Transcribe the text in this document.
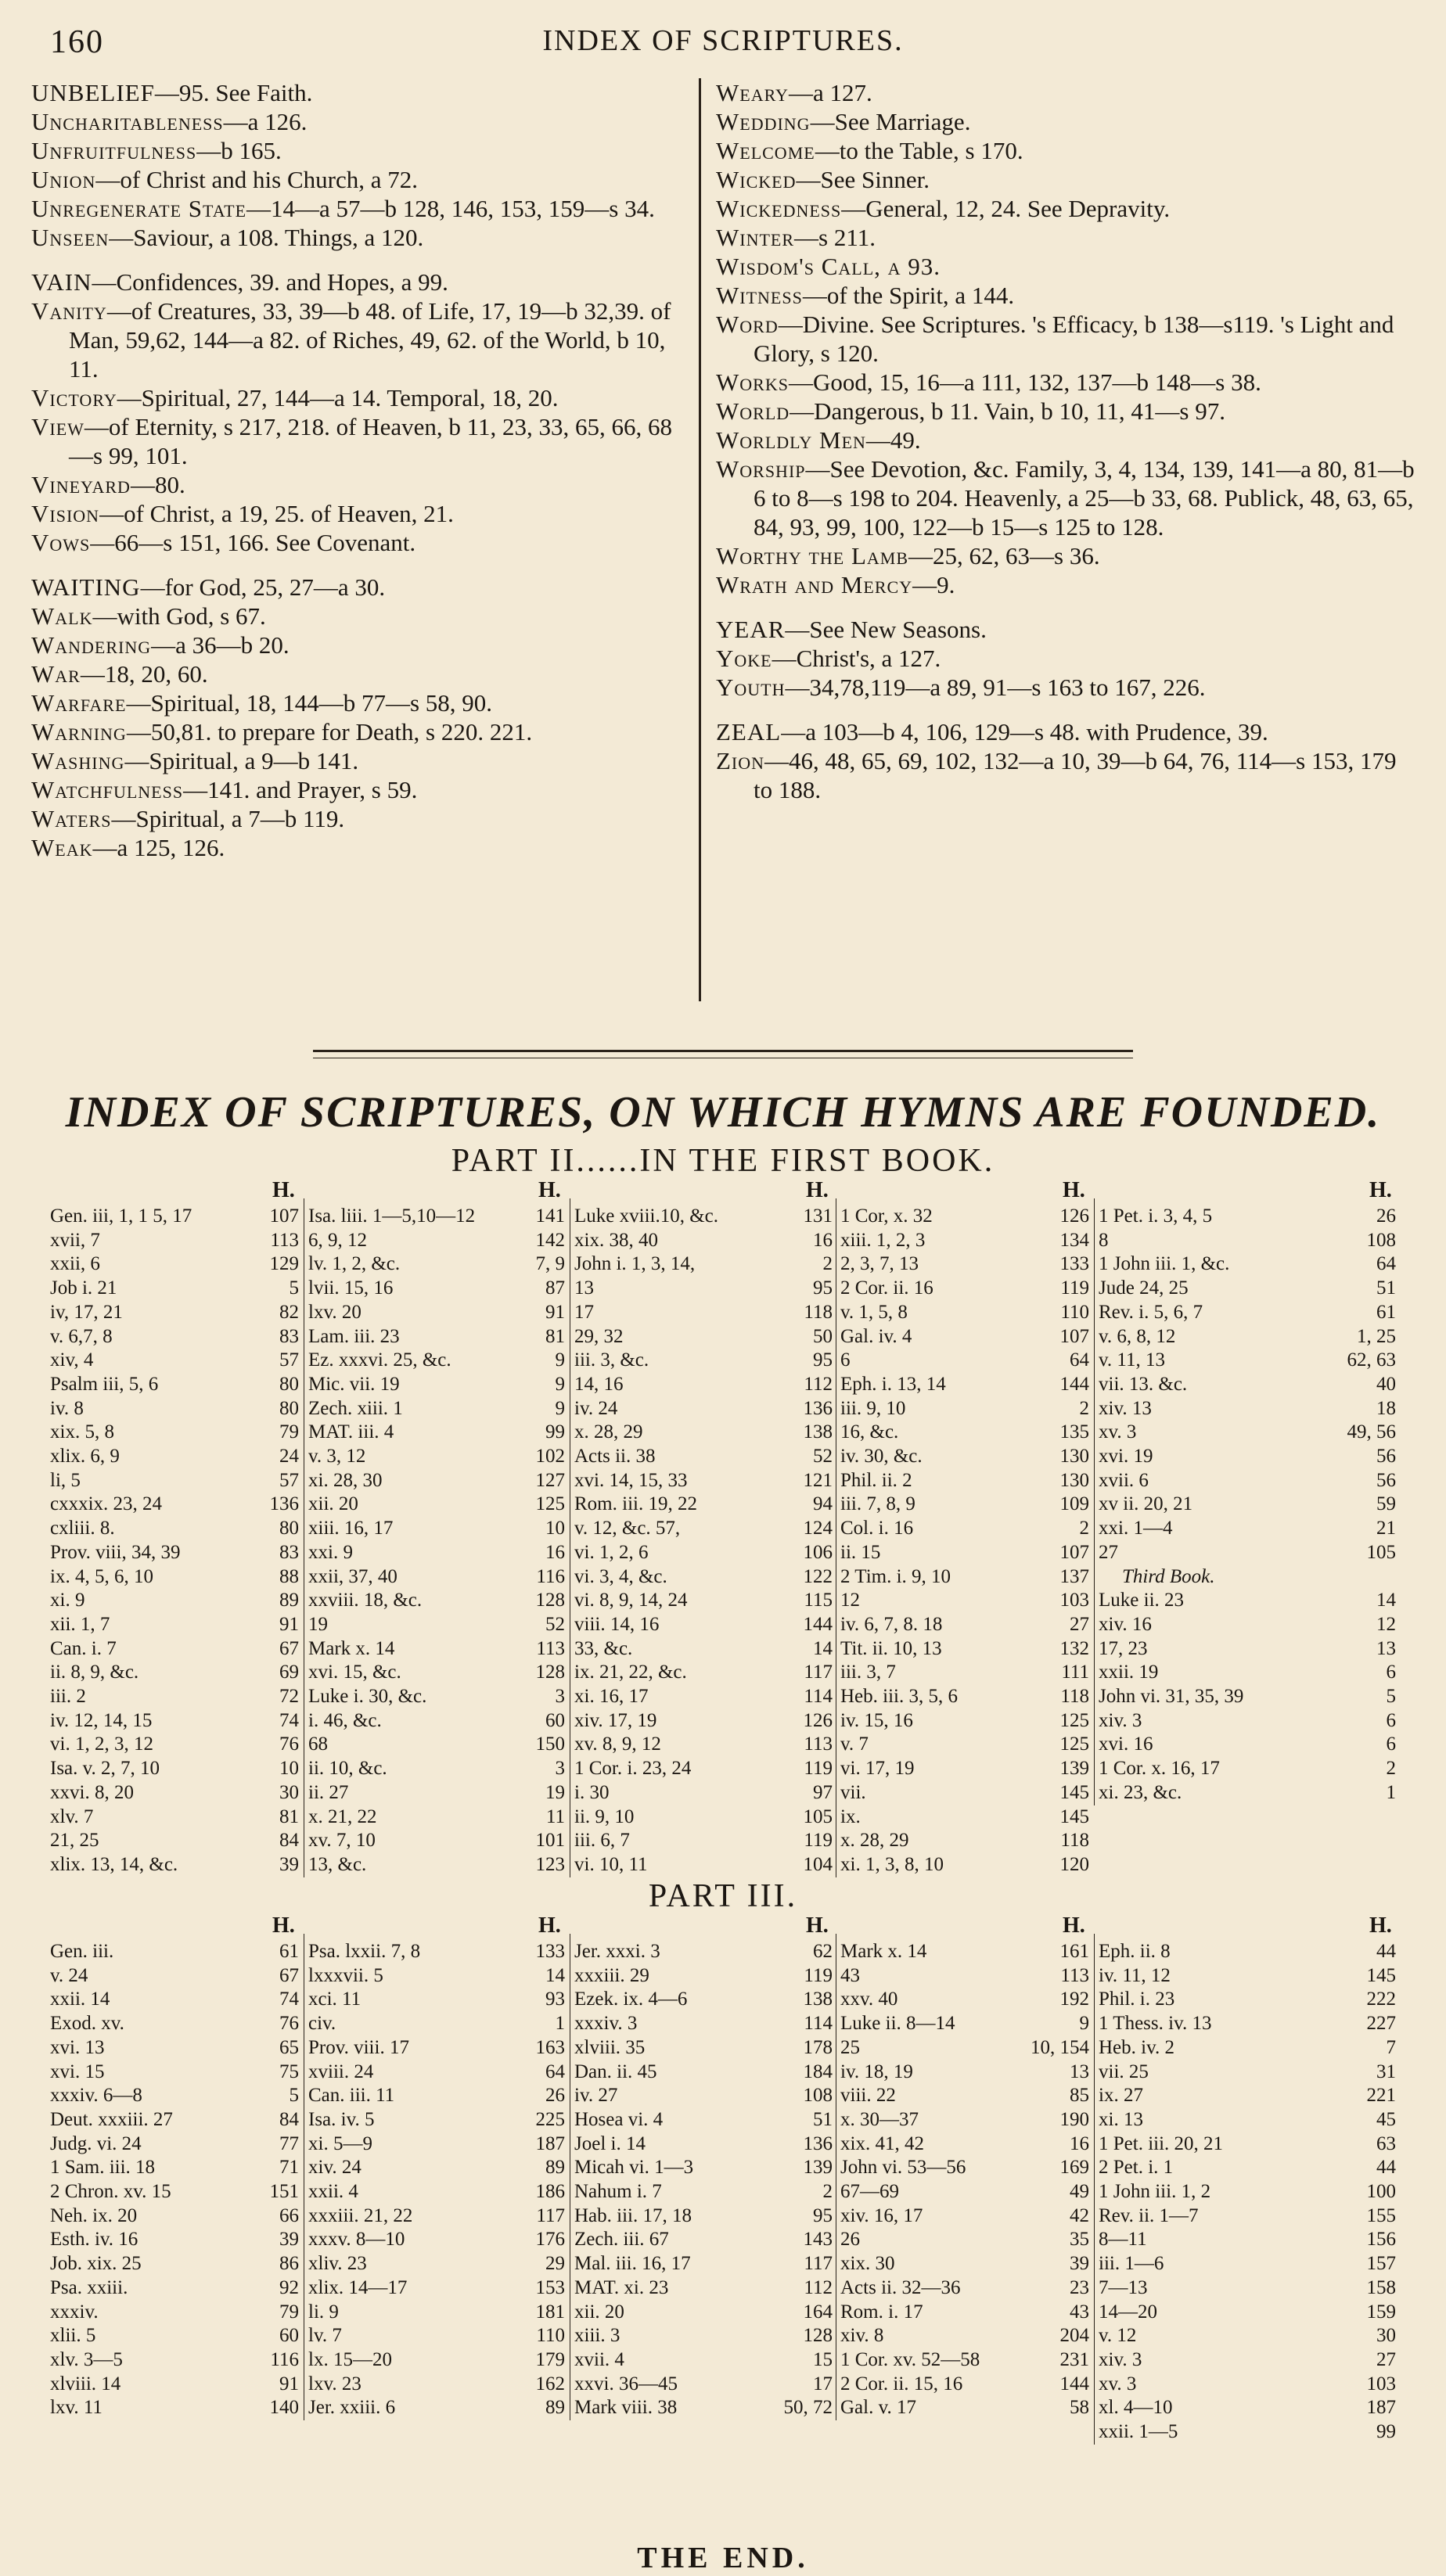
160	INDEX OF SCRIPTURES.
UNBELIEF—95. See Faith.
Uncharitableness—a 126.
Unfruitfulness—b 165.
Union—of Christ and his Church, a 72.
Unregenerate State—14—a 57—b 128, 146, 153, 159—s 34.
Unseen—Saviour, a 108. Things, a 120.
VAIN—Confidences, 39. and Hopes, a 99.
Vanity—of Creatures, 33, 39—b 48. of Life, 17, 19—b 32,39. of Man, 59,62, 144—a 82. of Riches, 49, 62. of the World, b 10, 11.
Victory—Spiritual, 27, 144—a 14. Temporal, 18, 20.
View—of Eternity, s 217, 218. of Heaven, b 11, 23, 33, 65, 66, 68—s 99, 101.
Vineyard—80.
Vision—of Christ, a 19, 25. of Heaven, 21.
Vows—66—s 151, 166. See Covenant.
WAITING—for God, 25, 27—a 30.
Walk—with God, s 67.
Wandering—a 36—b 20.
War—18, 20, 60.
Warfare—Spiritual, 18, 144—b 77—s 58, 90.
Warning—50,81. to prepare for Death, s 220. 221.
Washing—Spiritual, a 9—b 141.
Watchfulness—141. and Prayer, s 59.
Waters—Spiritual, a 7—b 119.
Weak—a 125, 126.
Weary—a 127.
Wedding—See Marriage.
Welcome—to the Table, s 170.
Wicked—See Sinner.
Wickedness—General, 12, 24. See Depravity.
Winter—s 211.
Wisdom's Call, a 93.
Witness—of the Spirit, a 144.
Word—Divine. See Scriptures. 's Efficacy, b 138—s119. 's Light and Glory, s 120.
Works—Good, 15, 16—a 111, 132, 137—b 148—s 38.
World—Dangerous, b 11. Vain, b 10, 11, 41—s 97.
Worldly Men—49.
Worship—See Devotion, &c. Family, 3, 4, 134, 139, 141—a 80, 81—b 6 to 8—s 198 to 204. Heavenly, a 25—b 33, 68. Publick, 48, 63, 65, 84, 93, 99, 100, 122—b 15—s 125 to 128.
Worthy the Lamb—25, 62, 63—s 36.
Wrath and Mercy—9.
YEAR—See New Seasons.
Yoke—Christ's, a 127.
Youth—34,78,119—a 89, 91—s 163 to 167, 226.
ZEAL—a 103—b 4, 106, 129—s 48. with Prudence, 39.
Zion—46, 48, 65, 69, 102, 132—a 10, 39—b 64, 76, 114—s 153, 179 to 188.
INDEX OF SCRIPTURES, ON WHICH HYMNS ARE FOUNDED.
PART II......IN THE FIRST BOOK.
H.
Gen. iii, 1, 1 5, 17	107
xvii, 7	113
xxii, 6	129
Job i. 21	5
iv, 17, 21	82
v. 6,7, 8	83
xiv, 4	57
Psalm iii, 5, 6	80
iv. 8	80
xix. 5, 8	79
xlix. 6, 9	24
li, 5	57
cxxxix. 23, 24	136
cxliii. 8.	80
Prov. viii, 34, 39	83
ix. 4, 5, 6, 10	88
xi. 9	89
xii. 1, 7	91
Can. i. 7	67
ii. 8, 9, &c.	69
iii. 2	72
iv. 12, 14, 15	74
vi. 1, 2, 3, 12	76
Isa. v. 2, 7, 10	10
xxvi. 8, 20	30
xlv. 7	81
21, 25	84
xlix. 13, 14, &c.	39
H.
Isa. liii. 1—5,10—12	141
6, 9, 12	142
lv. 1, 2, &c.	7, 9
lvii. 15, 16	87
lxv. 20	91
Lam. iii. 23	81
Ez. xxxvi. 25, &c.	9
Mic. vii. 19	9
Zech. xiii. 1	9
MAT. iii. 4	99
v. 3, 12	102
xi. 28, 30	127
xii. 20	125
xiii. 16, 17	10
xxi. 9	16
xxii, 37, 40	116
xxviii. 18, &c.	128
19	52
Mark x. 14	113
xvi. 15, &c.	128
Luke i. 30, &c.	3
i. 46, &c.	60
68	150
ii. 10, &c.	3
ii. 27	19
x. 21, 22	11
xv. 7, 10	101
13, &c.	123
H.
Luke xviii.10, &c.	131
xix. 38, 40	16
John i. 1, 3, 14,	2
13	95
17	118
29, 32	50
iii. 3, &c.	95
14, 16	112
iv. 24	136
x. 28, 29	138
Acts ii. 38	52
xvi. 14, 15, 33	121
Rom. iii. 19, 22	94
v. 12, &c. 57,	124
vi. 1, 2, 6	106
vi. 3, 4, &c.	122
vi. 8, 9, 14, 24	115
viii. 14, 16	144
33, &c.	14
ix. 21, 22, &c.	117
xi. 16, 17	114
xiv. 17, 19	126
xv. 8, 9, 12	113
1 Cor. i. 23, 24	119
i. 30	97
ii. 9, 10	105
iii. 6, 7	119
vi. 10, 11	104
H.
1 Cor, x. 32	126
xiii. 1, 2, 3	134
2, 3, 7, 13	133
2 Cor. ii. 16	119
v. 1, 5, 8	110
Gal. iv. 4	107
6	64
Eph. i. 13, 14	144
iii. 9, 10	2
16, &c.	135
iv. 30, &c.	130
Phil. ii. 2	130
iii. 7, 8, 9	109
Col. i. 16	2
ii. 15	107
2 Tim. i. 9, 10	137
12	103
iv. 6, 7, 8. 18	27
Tit. ii. 10, 13	132
iii. 3, 7	111
Heb. iii. 3, 5, 6	118
iv. 15, 16	125
v. 7	125
vi. 17, 19	139
vii.	145
ix.	145
x. 28, 29	118
xi. 1, 3, 8, 10	120
H.
1 Pet. i. 3, 4, 5	26
8	108
1 John iii. 1, &c.	64
Jude 24, 25	51
Rev. i. 5, 6, 7	61
v. 6, 8, 12	1, 25
v. 11, 13	62, 63
vii. 13. &c.	40
xiv. 13	18
xv. 3	49, 56
xvi. 19	56
xvii. 6	56
xv ii. 20, 21	59
xxi. 1—4	21
27	105
Third Book.
Luke ii. 23	14
xiv. 16	12
17, 23	13
xxii. 19	6
John vi. 31, 35, 39	5
xiv. 3	6
xvi. 16	6
1 Cor. x. 16, 17	2
xi. 23, &c.	1
PART III.
H.
Gen. iii.	61
v. 24	67
xxii. 14	74
Exod. xv.	76
xvi. 13	65
xvi. 15	75
xxxiv. 6—8	5
Deut. xxxiii. 27	84
Judg. vi. 24	77
1 Sam. iii. 18	71
2 Chron. xv. 15	151
Neh. ix. 20	66
Esth. iv. 16	39
Job. xix. 25	86
Psa. xxiii.	92
xxxiv.	79
xlii. 5	60
xlv. 3—5	116
xlviii. 14	91
lxv. 11	140
H.
Psa. lxxii. 7, 8	133
lxxxvii. 5	14
xci. 11	93
civ.	1
Prov. viii. 17	163
xviii. 24	64
Can. iii. 11	26
Isa. iv. 5	225
xi. 5—9	187
xiv. 24	89
xxii. 4	186
xxxiii. 21, 22	117
xxxv. 8—10	176
xliv. 23	29
xlix. 14—17	153
li. 9	181
lv. 7	110
lx. 15—20	179
lxv. 23	162
Jer. xxiii. 6	89
H.
Jer. xxxi. 3	62
xxxiii. 29	119
Ezek. ix. 4—6	138
xxxiv. 3	114
xlviii. 35	178
Dan. ii. 45	184
iv. 27	108
Hosea vi. 4	51
Joel i. 14	136
Micah vi. 1—3	139
Nahum i. 7	2
Hab. iii. 17, 18	95
Zech. iii. 67	143
Mal. iii. 16, 17	117
MAT. xi. 23	112
xii. 20	164
xiii. 3	128
xvii. 4	15
xxvi. 36—45	17
Mark viii. 38	50, 72
H.
Mark x. 14	161
43	113
xxv. 40	192
Luke ii. 8—14	9
25	10, 154
iv. 18, 19	13
viii. 22	85
x. 30—37	190
xix. 41, 42	16
John vi. 53—56	169
67—69	49
xiv. 16, 17	42
26	35
xix. 30	39
Acts ii. 32—36	23
Rom. i. 17	43
xiv. 8	204
1 Cor. xv. 52—58	231
2 Cor. ii. 15, 16	144
Gal. v. 17	58
H.
Eph. ii. 8	44
iv. 11, 12	145
Phil. i. 23	222
1 Thess. iv. 13	227
Heb. iv. 2	7
vii. 25	31
ix. 27	221
xi. 13	45
1 Pet. iii. 20, 21	63
2 Pet. i. 1	44
1 John iii. 1, 2	100
Rev. ii. 1—7	155
8—11	156
iii. 1—6	157
7—13	158
14—20	159
v. 12	30
xiv. 3	27
xv. 3	103
xl. 4—10	187
xxii. 1—5	99
THE END.
